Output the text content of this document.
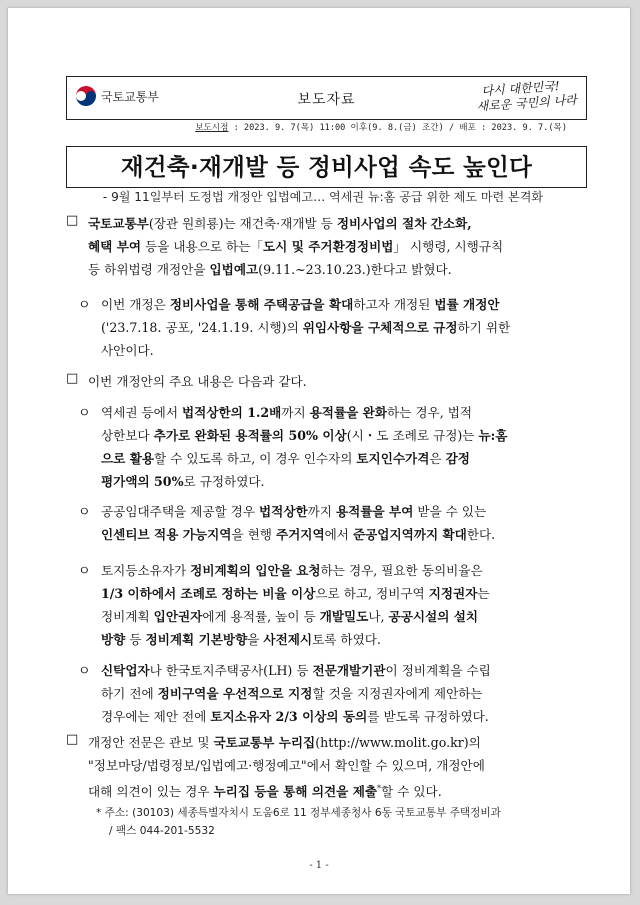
국토교통부	보도자료
다시 대한민국!
새로운 국민의 나라
보도시점 : 2023. 9. 7(목) 11:00 이후(9. 8.(금) 조간) / 배포 : 2023. 9. 7.(목)
재건축·재개발 등 정비사업 속도 높인다
- 9월 11일부터 도정법 개정안 입법예고… 역세권 뉴:홈 공급 위한 제도 마련 본격화
□ 국토교통부(장관 원희룡)는 재건축·재개발 등 정비사업의 절차 간소화,
혜택 부여 등을 내용으로 하는「도시 및 주거환경정비법」 시행령, 시행규칙
등 하위법령 개정안을 입법예고(9.11.~23.10.23.)한다고 밝혔다.
ㅇ 이번 개정은 정비사업을 통해 주택공급을 확대하고자 개정된 법률 개정안
('23.7.18. 공포, '24.1.19. 시행)의 위임사항을 구체적으로 규정하기 위한
사안이다.
□ 이번 개정안의 주요 내용은 다음과 같다.
ㅇ 역세권 등에서 법적상한의 1.2배까지 용적률을 완화하는 경우, 법적
상한보다 추가로 완화된 용적률의 50% 이상(시・도 조례로 규정)는 뉴:홈
으로 활용할 수 있도록 하고, 이 경우 인수자의 토지인수가격은 감정
평가액의 50%로 규정하였다.
ㅇ 공공임대주택을 제공할 경우 법적상한까지 용적률을 부여 받을 수 있는
인센티브 적용 가능지역을 현행 주거지역에서 준공업지역까지 확대한다.
ㅇ 토지등소유자가 정비계획의 입안을 요청하는 경우, 필요한 동의비율은
1/3 이하에서 조례로 정하는 비율 이상으로 하고, 정비구역 지정권자는
정비계획 입안권자에게 용적률, 높이 등 개발밀도나, 공공시설의 설치
방향 등 정비계획 기본방향을 사전제시토록 하였다.
ㅇ 신탁업자나 한국토지주택공사(LH) 등 전문개발기관이 정비계획을 수립
하기 전에 정비구역을 우선적으로 지정할 것을 지정권자에게 제안하는
경우에는 제안 전에 토지소유자 2/3 이상의 동의를 받도록 규정하였다.
□ 개정안 전문은 관보 및 국토교통부 누리집(http://www.molit.go.kr)의
"정보마당/법령정보/입법예고·행정예고"에서 확인할 수 있으며, 개정안에
대해 의견이 있는 경우 누리집 등을 통해 의견을 제출*할 수 있다.
* 주소: (30103) 세종특별자치시 도움6로 11 정부세종청사 6동 국토교통부 주택정비과
/ 팩스 044-201-5532
- 1 -
